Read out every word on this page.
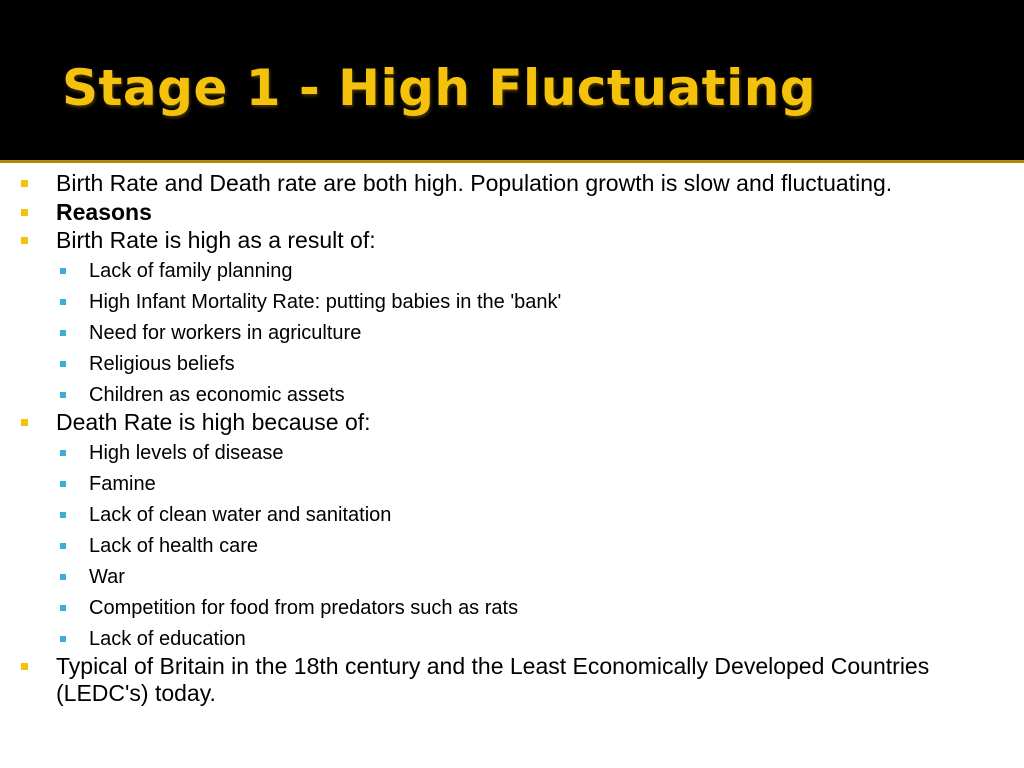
Stage 1 - High Fluctuating
Birth Rate and Death rate are both high. Population growth is slow and fluctuating.
Reasons
Birth Rate is high as a result of:
Lack of family planning
High Infant Mortality Rate: putting babies in the 'bank'
Need for workers in agriculture
Religious beliefs
Children as economic assets
Death Rate is high because of:
High levels of disease
Famine
Lack of clean water and sanitation
Lack of health care
War
Competition for food from predators such as rats
Lack of education
Typical of Britain in the 18th century and the Least Economically Developed Countries (LEDC's) today.
